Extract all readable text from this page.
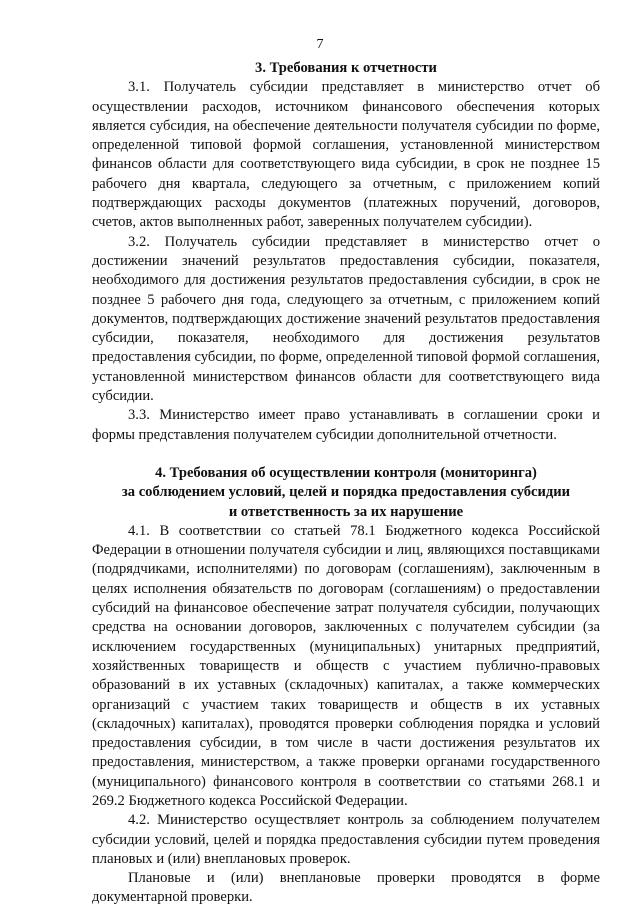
7

3. Требования к отчетности

3.1. Получатель субсидии представляет в министерство отчет об осуществлении расходов, источником финансового обеспечения которых является субсидия, на обеспечение деятельности получателя субсидии по форме, определенной типовой формой соглашения, установленной министерством финансов области для соответствующего вида субсидии, в срок не позднее 15 рабочего дня квартала, следующего за отчетным, с приложением копий подтверждающих расходы документов (платежных поручений, договоров, счетов, актов выполненных работ, заверенных получателем субсидии).

3.2. Получатель субсидии представляет в министерство отчет о достижении значений результатов предоставления субсидии, показателя, необходимого для достижения результатов предоставления субсидии, в срок не позднее 5 рабочего дня года, следующего за отчетным, с приложением копий документов, подтверждающих достижение значений результатов предоставления субсидии, показателя, необходимого для достижения результатов предоставления субсидии, по форме, определенной типовой формой соглашения, установленной министерством финансов области для соответствующего вида субсидии.

3.3. Министерство имеет право устанавливать в соглашении сроки и формы представления получателем субсидии дополнительной отчетности.

4. Требования об осуществлении контроля (мониторинга)

за соблюдением условий, целей и порядка предоставления субсидии

и ответственность за их нарушение

4.1. В соответствии со статьей 78.1 Бюджетного кодекса Российской Федерации в отношении получателя субсидии и лиц, являющихся поставщиками (подрядчиками, исполнителями) по договорам (соглашениям), заключенным в целях исполнения обязательств по договорам (соглашениям) о предоставлении субсидий на финансовое обеспечение затрат получателя субсидии, получающих средства на основании договоров, заключенных с получателем субсидии (за исключением государственных (муниципальных) унитарных предприятий, хозяйственных товариществ и обществ с участием публично-правовых образований в их уставных (складочных) капиталах, а также коммерческих организаций с участием таких товариществ и обществ в их уставных (складочных) капиталах), проводятся проверки соблюдения порядка и условий предоставления субсидии, в том числе в части достижения результатов их предоставления, министерством, а также проверки органами государственного (муниципального) финансового контроля в соответствии со статьями 268.1 и 269.2 Бюджетного кодекса Российской Федерации.

4.2. Министерство осуществляет контроль за соблюдением получателем субсидии условий, целей и порядка предоставления субсидии путем проведения плановых и (или) внеплановых проверок.

Плановые и (или) внеплановые проверки проводятся в форме документарной проверки.
